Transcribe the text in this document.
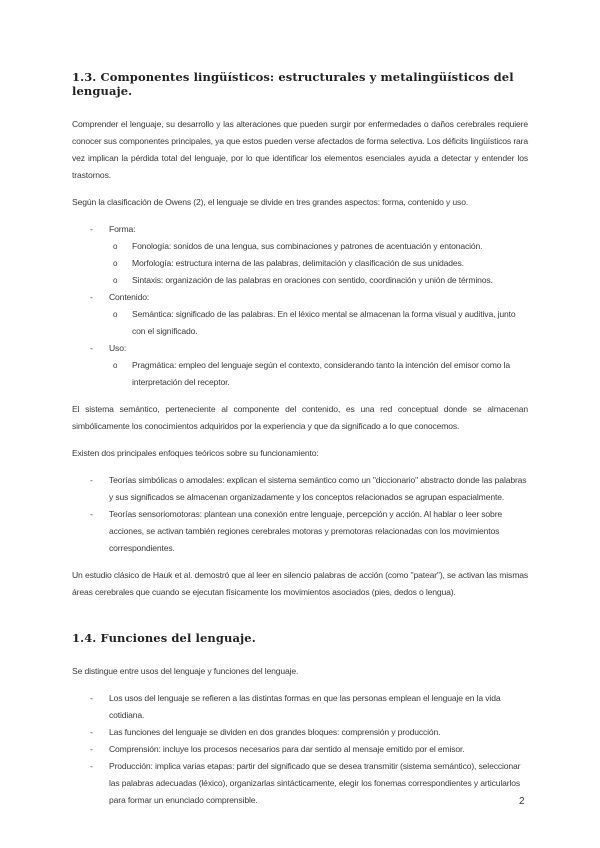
1.3. Componentes lingüísticos: estructurales y metalingüísticos del lenguaje.

Comprender el lenguaje, su desarrollo y las alteraciones que pueden surgir por enfermedades o daños cerebrales requiere conocer sus componentes principales, ya que estos pueden verse afectados de forma selectiva. Los déficits lingüísticos rara vez implican la pérdida total del lenguaje, por lo que identificar los elementos esenciales ayuda a detectar y entender los trastornos.

Según la clasificación de Owens (2), el lenguaje se divide en tres grandes aspectos: forma, contenido y uso.

- Forma:
o Fonología: sonidos de una lengua, sus combinaciones y patrones de acentuación y entonación.
o Morfología: estructura interna de las palabras, delimitación y clasificación de sus unidades.
o Sintaxis: organización de las palabras en oraciones con sentido, coordinación y unión de términos.
- Contenido:
o Semántica: significado de las palabras. En el léxico mental se almacenan la forma visual y auditiva, junto con el significado.
- Uso:
o Pragmática: empleo del lenguaje según el contexto, considerando tanto la intención del emisor como la interpretación del receptor.

El sistema semántico, perteneciente al componente del contenido, es una red conceptual donde se almacenan simbólicamente los conocimientos adquiridos por la experiencia y que da significado a lo que conocemos.

Existen dos principales enfoques teóricos sobre su funcionamiento:

- Teorías simbólicas o amodales: explican el sistema semántico como un "diccionario" abstracto donde las palabras y sus significados se almacenan organizadamente y los conceptos relacionados se agrupan espacialmente.
- Teorías sensoriomotoras: plantean una conexión entre lenguaje, percepción y acción. Al hablar o leer sobre acciones, se activan también regiones cerebrales motoras y premotoras relacionadas con los movimientos correspondientes.

Un estudio clásico de Hauk et al. demostró que al leer en silencio palabras de acción (como "patear"), se activan las mismas áreas cerebrales que cuando se ejecutan físicamente los movimientos asociados (pies, dedos o lengua).

1.4. Funciones del lenguaje.

Se distingue entre usos del lenguaje y funciones del lenguaje.

- Los usos del lenguaje se refieren a las distintas formas en que las personas emplean el lenguaje en la vida cotidiana.
- Las funciones del lenguaje se dividen en dos grandes bloques: comprensión y producción.
- Comprensión: incluye los procesos necesarios para dar sentido al mensaje emitido por el emisor.
- Producción: implica varias etapas: partir del significado que se desea transmitir (sistema semántico), seleccionar las palabras adecuadas (léxico), organizarlas sintácticamente, elegir los fonemas correspondientes y articularlos para formar un enunciado comprensible.	2
